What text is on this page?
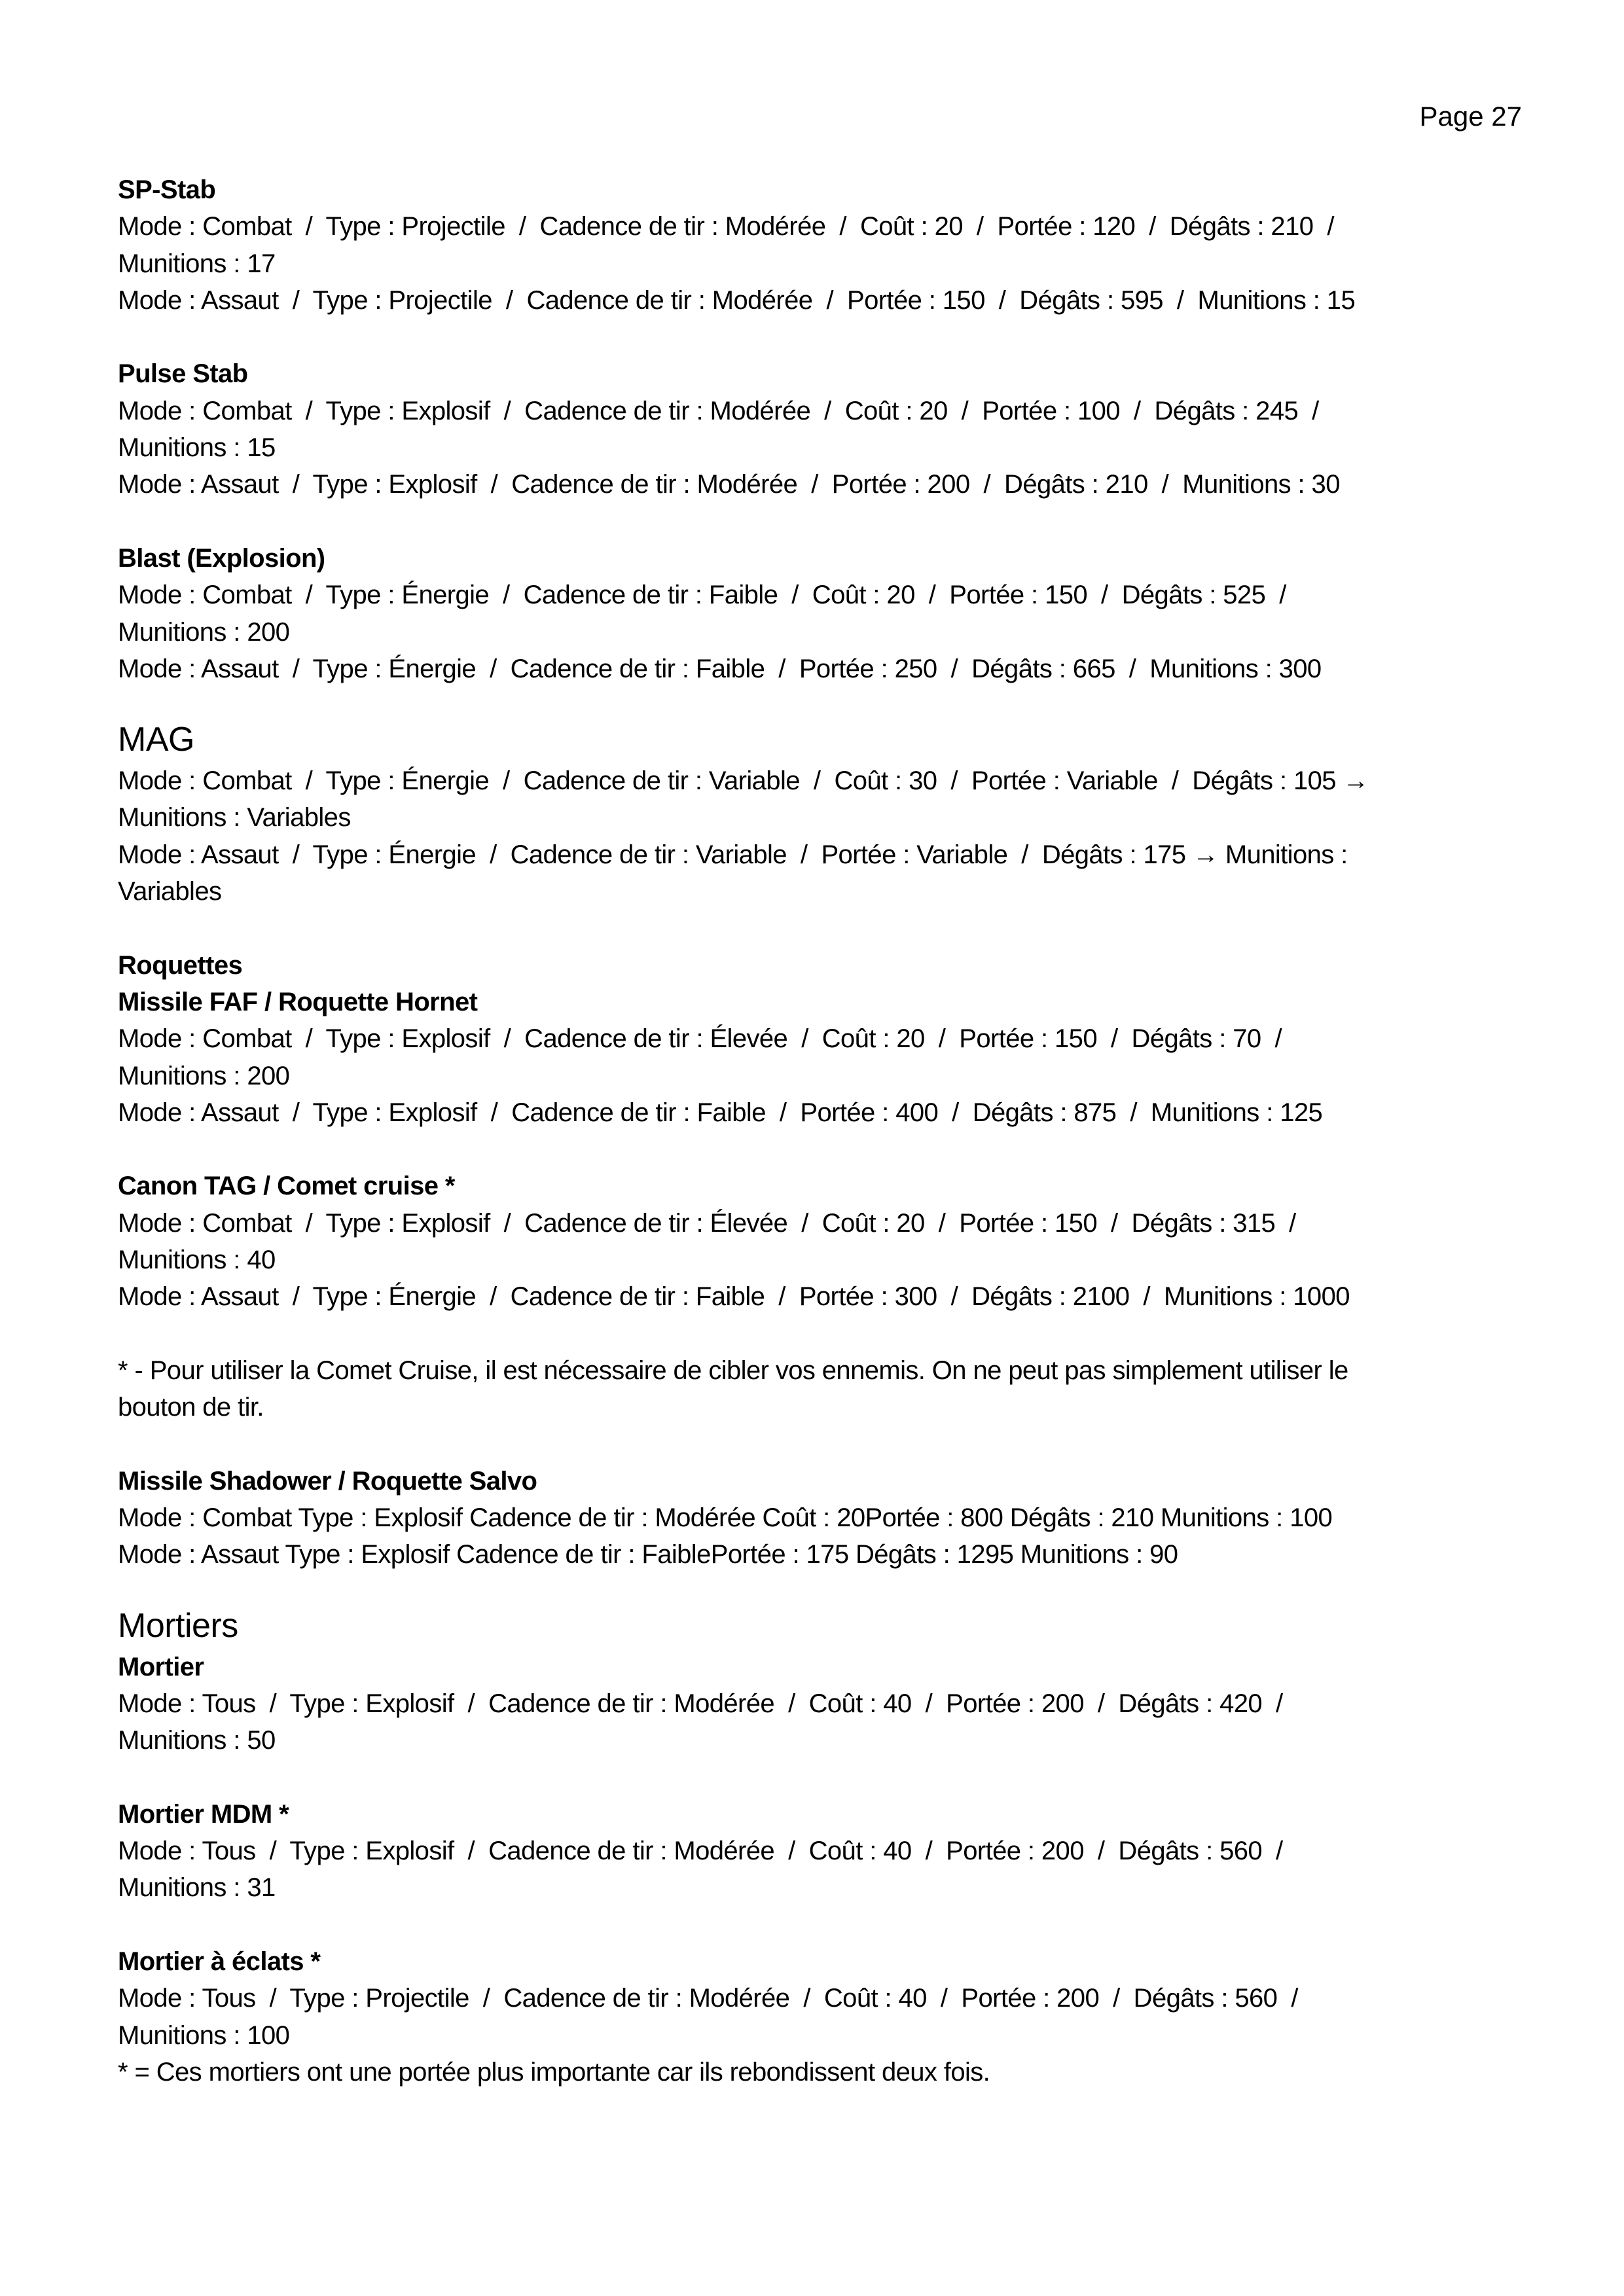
Page 27
SP-Stab
Mode : Combat  /  Type : Projectile  /  Cadence de tir : Modérée  /  Coût : 20  /  Portée : 120  /  Dégâts : 210  /
Munitions : 17
Mode : Assaut  /  Type : Projectile  /  Cadence de tir : Modérée  /  Portée : 150  /  Dégâts : 595  /  Munitions : 15
Pulse Stab
Mode : Combat  /  Type : Explosif  /  Cadence de tir : Modérée  /  Coût : 20  /  Portée : 100  /  Dégâts : 245  /
Munitions : 15
Mode : Assaut  /  Type : Explosif  /  Cadence de tir : Modérée  /  Portée : 200  /  Dégâts : 210  /  Munitions : 30
Blast (Explosion)
Mode : Combat  /  Type : Énergie  /  Cadence de tir : Faible  /  Coût : 20  /  Portée : 150  /  Dégâts : 525  /
Munitions : 200
Mode : Assaut  /  Type : Énergie  /  Cadence de tir : Faible  /  Portée : 250  /  Dégâts : 665  /  Munitions : 300
MAG
Mode : Combat  /  Type : Énergie  /  Cadence de tir : Variable  /  Coût : 30  /  Portée : Variable  /  Dégâts : 105 →
Munitions : Variables
Mode : Assaut  /  Type : Énergie  /  Cadence de tir : Variable  /  Portée : Variable  /  Dégâts : 175 → Munitions :
Variables
Roquettes
Missile FAF / Roquette Hornet
Mode : Combat  /  Type : Explosif  /  Cadence de tir : Élevée  /  Coût : 20  /  Portée : 150  /  Dégâts : 70  /
Munitions : 200
Mode : Assaut  /  Type : Explosif  /  Cadence de tir : Faible  /  Portée : 400  /  Dégâts : 875  /  Munitions : 125
Canon TAG / Comet cruise *
Mode : Combat  /  Type : Explosif  /  Cadence de tir : Élevée  /  Coût : 20  /  Portée : 150  /  Dégâts : 315  /
Munitions : 40
Mode : Assaut  /  Type : Énergie  /  Cadence de tir : Faible  /  Portée : 300  /  Dégâts : 2100  /  Munitions : 1000
* - Pour utiliser la Comet Cruise, il est nécessaire de cibler vos ennemis. On ne peut pas simplement utiliser le
bouton de tir.
Missile Shadower / Roquette Salvo
Mode : Combat Type : Explosif Cadence de tir : Modérée Coût : 20Portée : 800 Dégâts : 210 Munitions : 100
Mode : Assaut Type : Explosif Cadence de tir : FaiblePortée : 175 Dégâts : 1295 Munitions : 90
Mortiers
Mortier
Mode : Tous  /  Type : Explosif  /  Cadence de tir : Modérée  /  Coût : 40  /  Portée : 200  /  Dégâts : 420  /
Munitions : 50
Mortier MDM *
Mode : Tous  /  Type : Explosif  /  Cadence de tir : Modérée  /  Coût : 40  /  Portée : 200  /  Dégâts : 560  /
Munitions : 31
Mortier à éclats *
Mode : Tous  /  Type : Projectile  /  Cadence de tir : Modérée  /  Coût : 40  /  Portée : 200  /  Dégâts : 560  /
Munitions : 100
* = Ces mortiers ont une portée plus importante car ils rebondissent deux fois.
